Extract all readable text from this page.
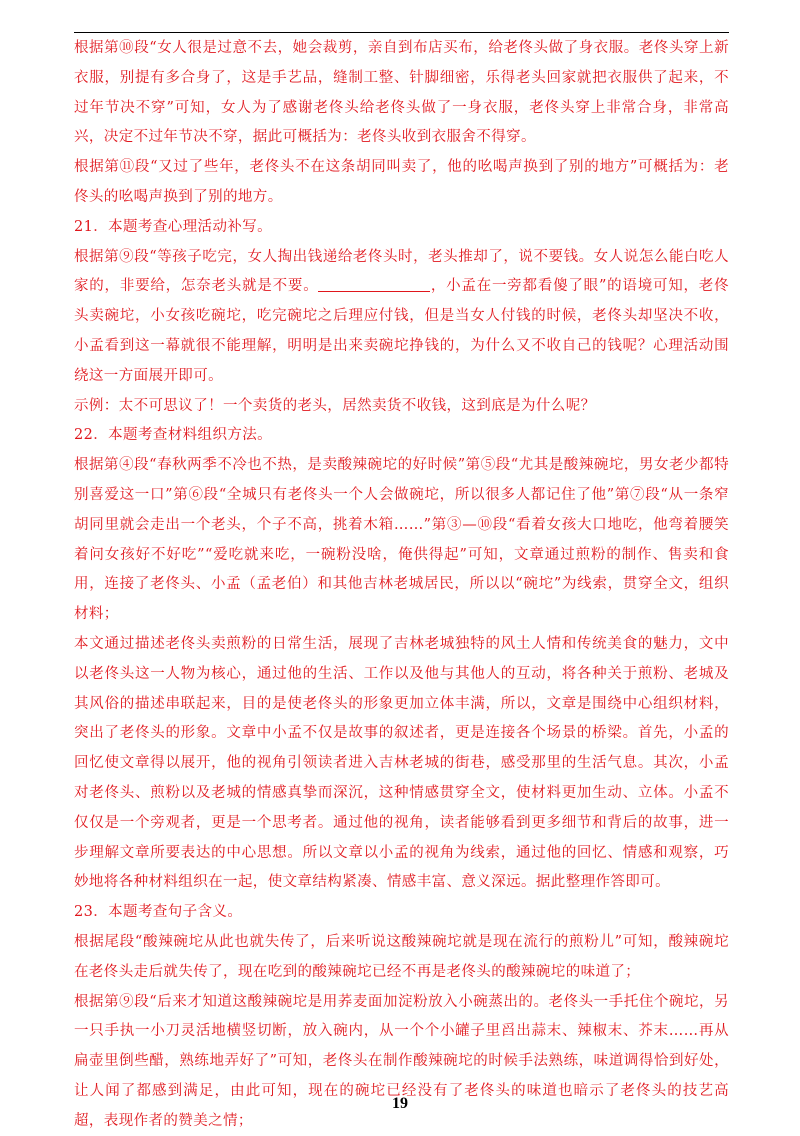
根据第⑩段“女人很是过意不去，她会裁剪，亲自到布店买布，给老佟头做了身衣服。老佟头穿上新衣服，别提有多合身了，这是手艺品，缝制工整、针脚细密，乐得老头回家就把衣服供了起来，不过年节决不穿”可知，女人为了感谢老佟头给老佟头做了一身衣服，老佟头穿上非常合身，非常高兴，决定不过年节决不穿，据此可概括为：老佟头收到衣服舍不得穿。

根据第⑪段“又过了些年，老佟头不在这条胡同叫卖了，他的吆喝声换到了别的地方”可概括为：老佟头的吆喝声换到了别的地方。

21．本题考查心理活动补写。

根据第⑨段“等孩子吃完，女人掏出钱递给老佟头时，老头推却了，说不要钱。女人说怎么能白吃人家的，非要给，怎奈老头就是不要。	，小孟在一旁都看傻了眼”的语境可知，老佟头卖碗坨，小女孩吃碗坨，吃完碗坨之后理应付钱，但是当女人付钱的时候，老佟头却坚决不收，小孟看到这一幕就很不能理解，明明是出来卖碗坨挣钱的，为什么又不收自己的钱呢？心理活动围绕这一方面展开即可。

示例：太不可思议了！一个卖货的老头，居然卖货不收钱，这到底是为什么呢？

22．本题考查材料组织方法。

根据第④段“春秋两季不冷也不热，是卖酸辣碗坨的好时候”第⑤段“尤其是酸辣碗坨，男女老少都特别喜爱这一口”第⑥段“全城只有老佟头一个人会做碗坨，所以很多人都记住了他”第⑦段“从一条窄胡同里就会走出一个老头，个子不高，挑着木箱……”第③—⑩段“看着女孩大口地吃，他弯着腰笑着问女孩好不好吃”“爱吃就来吃，一碗粉没啥，俺供得起”可知，文章通过煎粉的制作、售卖和食用，连接了老佟头、小孟（孟老伯）和其他吉林老城居民，所以以“碗坨”为线索，贯穿全文，组织材料；

本文通过描述老佟头卖煎粉的日常生活，展现了吉林老城独特的风土人情和传统美食的魅力，文中以老佟头这一人物为核心，通过他的生活、工作以及他与其他人的互动，将各种关于煎粉、老城及其风俗的描述串联起来，目的是使老佟头的形象更加立体丰满，所以，文章是围绕中心组织材料，突出了老佟头的形象。文章中小孟不仅是故事的叙述者，更是连接各个场景的桥梁。首先，小孟的回忆使文章得以展开，他的视角引领读者进入吉林老城的街巷，感受那里的生活气息。其次，小孟对老佟头、煎粉以及老城的情感真挚而深沉，这种情感贯穿全文，使材料更加生动、立体。小孟不仅仅是一个旁观者，更是一个思考者。通过他的视角，读者能够看到更多细节和背后的故事，进一步理解文章所要表达的中心思想。所以文章以小孟的视角为线索，通过他的回忆、情感和观察，巧妙地将各种材料组织在一起，使文章结构紧凑、情感丰富、意义深远。据此整理作答即可。

23．本题考查句子含义。

根据尾段“酸辣碗坨从此也就失传了，后来听说这酸辣碗坨就是现在流行的煎粉儿”可知，酸辣碗坨在老佟头走后就失传了，现在吃到的酸辣碗坨已经不再是老佟头的酸辣碗坨的味道了；

根据第⑨段“后来才知道这酸辣碗坨是用荞麦面加淀粉放入小碗蒸出的。老佟头一手托住个碗坨，另一只手执一小刀灵活地横竖切断，放入碗内，从一个个小罐子里舀出蒜末、辣椒末、芥末……再从扁壶里倒些醋，熟练地弄好了”可知，老佟头在制作酸辣碗坨的时候手法熟练，味道调得恰到好处，让人闻了都感到满足，由此可知，现在的碗坨已经没有了老佟头的味道也暗示了老佟头的技艺高超，表现作者的赞美之情；

19
